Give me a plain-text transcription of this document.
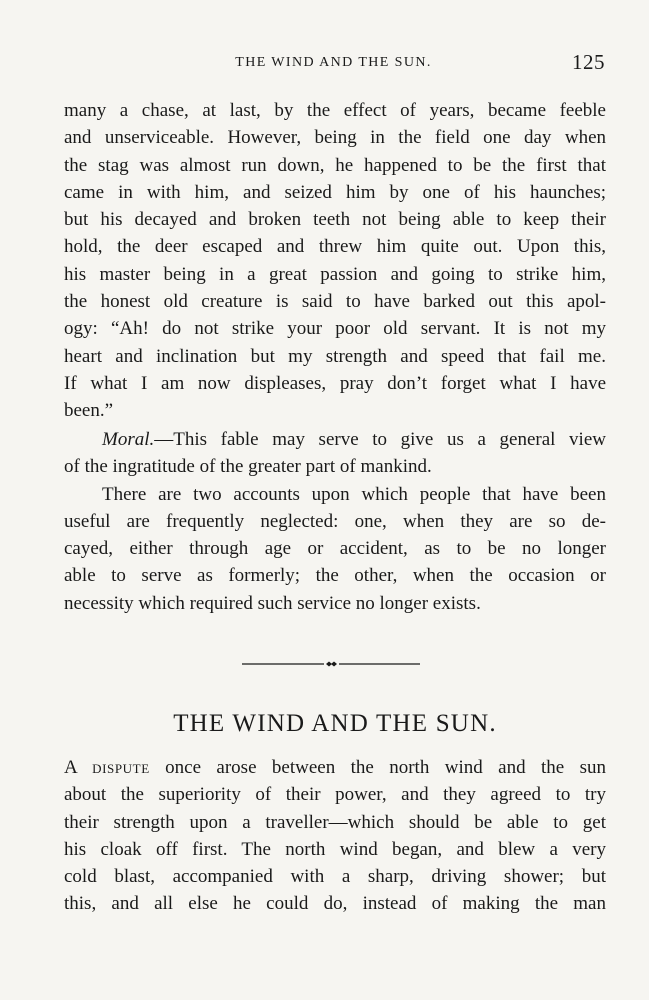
THE WIND AND THE SUN.	125
many a chase, at last, by the effect of years, became feeble
and unserviceable. However, being in the field one day when
the stag was almost run down, he happened to be the first that
came in with him, and seized him by one of his haunches;
but his decayed and broken teeth not being able to keep their
hold, the deer escaped and threw him quite out. Upon this,
his master being in a great passion and going to strike him,
the honest old creature is said to have barked out this apol-
ogy: “Ah! do not strike your poor old servant. It is not my
heart and inclination but my strength and speed that fail me.
If what I am now displeases, pray don’t forget what I have
been.”
Moral.—This fable may serve to give us a general view
of the ingratitude of the greater part of mankind.
There are two accounts upon which people that have been
useful are frequently neglected: one, when they are so de-
cayed, either through age or accident, as to be no longer
able to serve as formerly; the other, when the occasion or
necessity which required such service no longer exists.
THE WIND AND THE SUN.
A dispute once arose between the north wind and the sun
about the superiority of their power, and they agreed to try
their strength upon a traveller—which should be able to get
his cloak off first. The north wind began, and blew a very
cold blast, accompanied with a sharp, driving shower; but
this, and all else he could do, instead of making the man
